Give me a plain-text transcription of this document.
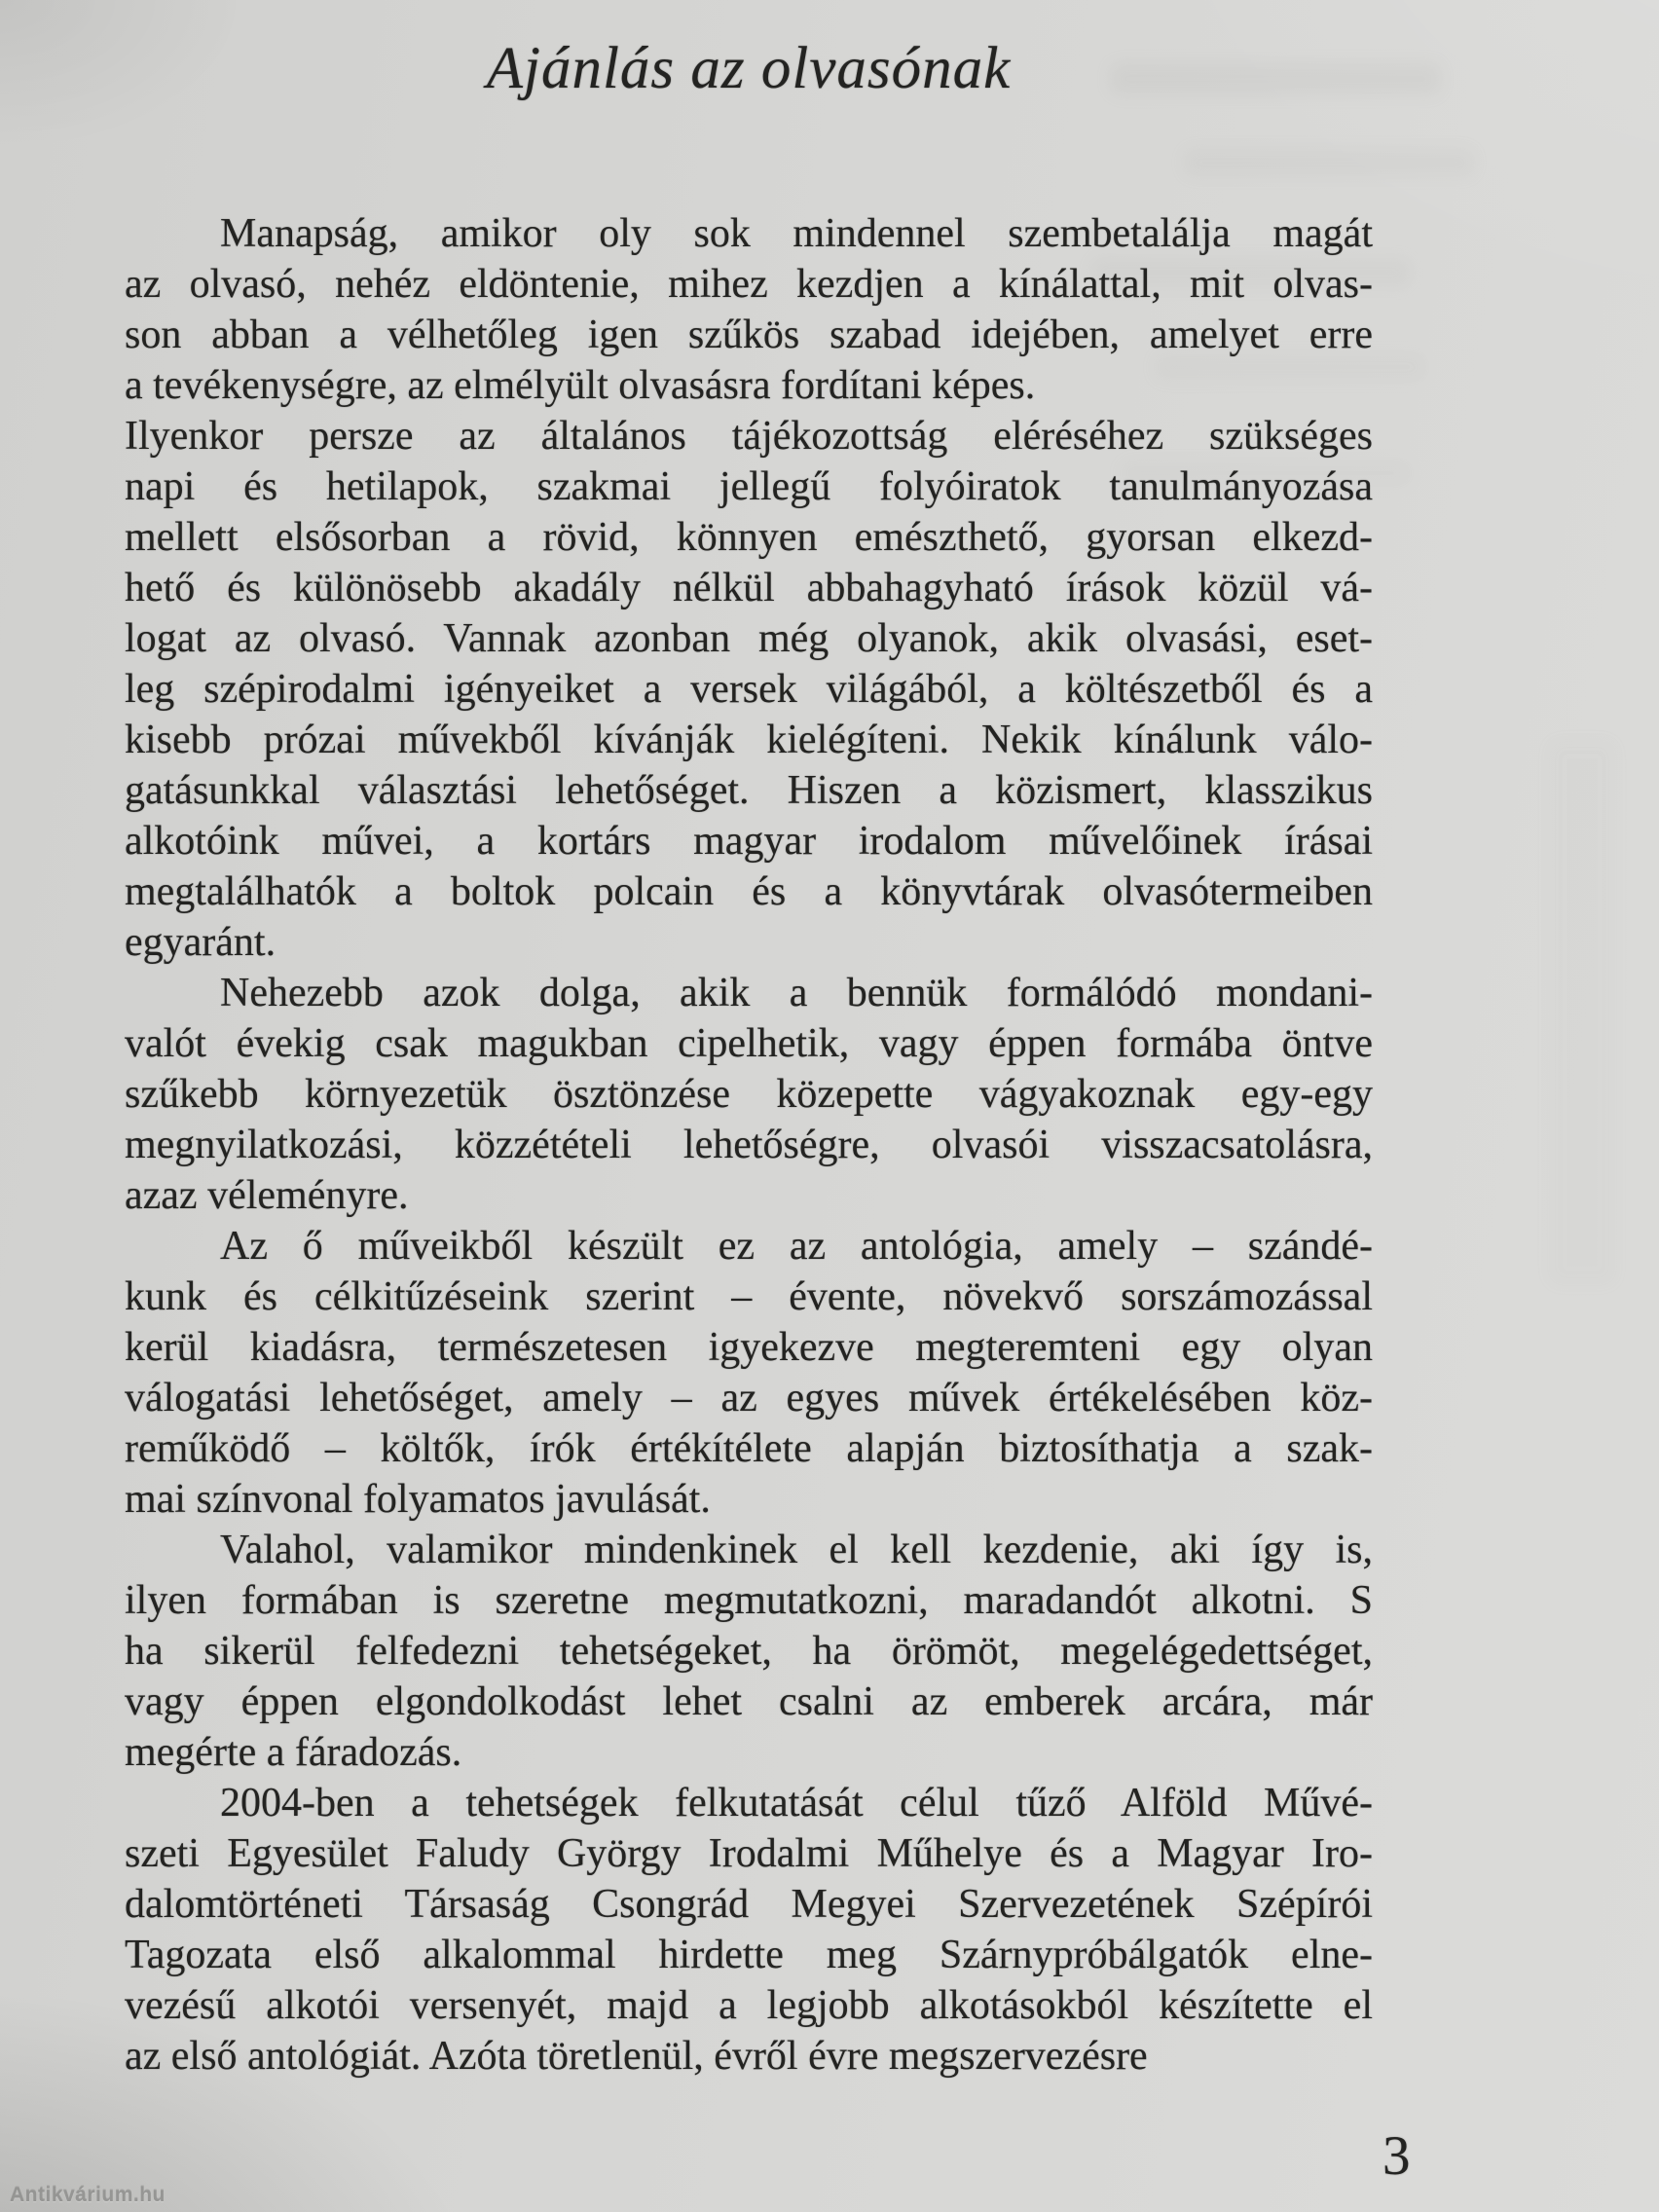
Ajánlás az olvasónak
Manapság, amikor oly sok mindennel szembetalálja magát
az olvasó, nehéz eldöntenie, mihez kezdjen a kínálattal, mit olvas-
son abban a vélhetőleg igen szűkös szabad idejében, amelyet erre
a tevékenységre, az elmélyült olvasásra fordítani képes.
Ilyenkor persze az általános tájékozottság eléréséhez szükséges
napi és hetilapok, szakmai jellegű folyóiratok tanulmányozása
mellett elsősorban a rövid, könnyen emészthető, gyorsan elkezd-
hető és különösebb akadály nélkül abbahagyható írások közül vá-
logat az olvasó. Vannak azonban még olyanok, akik olvasási, eset-
leg szépirodalmi igényeiket a versek világából, a költészetből és a
kisebb prózai művekből kívánják kielégíteni. Nekik kínálunk válo-
gatásunkkal választási lehetőséget. Hiszen a közismert, klasszikus
alkotóink művei, a kortárs magyar irodalom művelőinek írásai
megtalálhatók a boltok polcain és a könyvtárak olvasótermeiben
egyaránt.
Nehezebb azok dolga, akik a bennük formálódó mondani-
valót évekig csak magukban cipelhetik, vagy éppen formába öntve
szűkebb környezetük ösztönzése közepette vágyakoznak egy-egy
megnyilatkozási, közzétételi lehetőségre, olvasói visszacsatolásra,
azaz véleményre.
Az ő műveikből készült ez az antológia, amely – szándé-
kunk és célkitűzéseink szerint – évente, növekvő sorszámozással
kerül kiadásra, természetesen igyekezve megteremteni egy olyan
válogatási lehetőséget, amely – az egyes művek értékelésében köz-
reműködő – költők, írók értékítélete alapján biztosíthatja a szak-
mai színvonal folyamatos javulását.
Valahol, valamikor mindenkinek el kell kezdenie, aki így is,
ilyen formában is szeretne megmutatkozni, maradandót alkotni. S
ha sikerül felfedezni tehetségeket, ha örömöt, megelégedettséget,
vagy éppen elgondolkodást lehet csalni az emberek arcára, már
megérte a fáradozás.
2004-ben a tehetségek felkutatását célul tűző Alföld Művé-
szeti Egyesület Faludy György Irodalmi Műhelye és a Magyar Iro-
dalomtörténeti Társaság Csongrád Megyei Szervezetének Szépírói
Tagozata első alkalommal hirdette meg Szárnypróbálgatók elne-
vezésű alkotói versenyét, majd a legjobb alkotásokból készítette el
az első antológiát. Azóta töretlenül, évről évre megszervezésre
3
Antikvárium.hu
